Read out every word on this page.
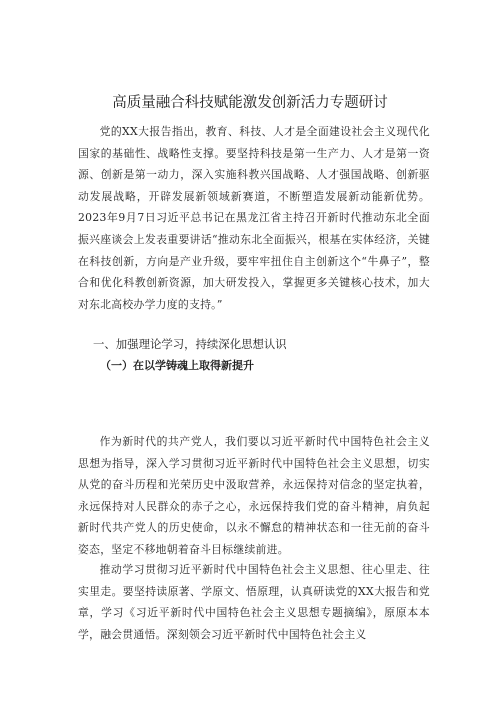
高质量融合科技赋能激发创新活力专题研讨

党的XX大报告指出，教育、科技、人才是全面建设社会主义现代化国家的基础性、战略性支撑。要坚持科技是第一生产力、人才是第一资源、创新是第一动力，深入实施科教兴国战略、人才强国战略、创新驱动发展战略，开辟发展新领域新赛道，不断塑造发展新动能新优势。2023年9月7日习近平总书记在黑龙江省主持召开新时代推动东北全面振兴座谈会上发表重要讲话“推动东北全面振兴，根基在实体经济，关键在科技创新，方向是产业升级，要牢牢扭住自主创新这个“牛鼻子”，整合和优化科教创新资源，加大研发投入，掌握更多关键核心技术，加大对东北高校办学力度的支持。”

一、加强理论学习，持续深化思想认识
（一）在以学铸魂上取得新提升

作为新时代的共产党人，我们要以习近平新时代中国特色社会主义思想为指导，深入学习贯彻习近平新时代中国特色社会主义思想，切实从党的奋斗历程和光荣历史中汲取营养，永远保持对信念的坚定执着，永远保持对人民群众的赤子之心，永远保持我们党的奋斗精神，肩负起新时代共产党人的历史使命，以永不懈怠的精神状态和一往无前的奋斗姿态，坚定不移地朝着奋斗目标继续前进。

推动学习贯彻习近平新时代中国特色社会主义思想、往心里走、往实里走。要坚持读原著、学原文、悟原理，认真研读党的XX大报告和党章，学习《习近平新时代中国特色社会主义思想专题摘编》，原原本本学，融会贯通悟。深刻领会习近平新时代中国特色社会主义
